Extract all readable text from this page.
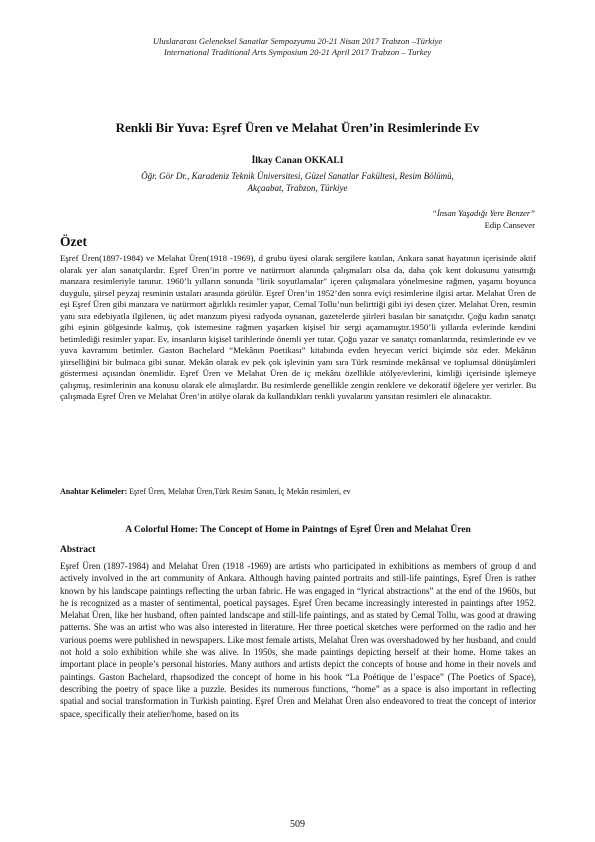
Uluslararası Geleneksel Sanatlar Sempozyumu 20-21 Nisan 2017 Trabzon –Türkiye
International Traditional Arts Symposium 20-21 April 2017 Trabzon – Turkey
Renkli Bir Yuva: Eşref Üren ve Melahat Üren’in Resimlerinde Ev
İlkay Canan OKKALI
Öğr. Gör Dr., Karadeniz Teknik Üniversitesi, Güzel Sanatlar Fakültesi, Resim Bölümü,
Akçaabat, Trabzon, Türkiye
“İnsan Yaşadığı Yere Benzer”
Edip Cansever
Özet

Eşref Üren(1897-1984) ve Melahat Üren(1918 -1969), d grubu üyesi olarak sergilere katılan, Ankara sanat hayatının içerisinde aktif olarak yer alan sanatçılardır. Eşref Üren’in portre ve natürmort alanında çalışmaları olsa da, daha çok kent dokusunu yansıttığı manzara resimleriyle tanınır. 1960’lı yılların sonunda "lirik soyutlamalar" içeren çalışmalara yönelmesine rağmen, yaşamı boyunca duygulu, şiirsel peyzaj resminin ustaları arasında görülür. Eşref Üren’in 1952’den sonra eviçi resimlerine ilgisi artar. Melahat Üren de eşi Eşref Üren gibi manzara ve natürmort ağırlıklı resimler yapar, Cemal Tollu’nun belirttiği gibi iyi desen çizer. Melahat Üren, resmin yanı sıra edebiyatla ilgilenen, üç adet manzum piyesi radyoda oynanan, gazetelerde şiirleri basılan bir sanatçıdır. Çoğu kadın sanatçı gibi eşinin gölgesinde kalmış, çok istemesine rağmen yaşarken kişisel bir sergi açamamıştır.1950’li yıllarda evlerinde kendini betimlediği resimler yapar. Ev, insanların kişisel tarihlerinde önemli yer tutar. Çoğu yazar ve sanatçı romanlarında, resimlerinde ev ve yuva kavramını betimler. Gaston Bachelard “Mekânın Poetikası” kitabında evden heyecan verici biçimde söz eder. Mekânın şiirselliğini bir bulmaca gibi sunar. Mekân olarak ev pek çok işlevinin yanı sıra Türk resminde mekânsal ve toplumsal dönüşümleri göstermesi açısından önemlidir. Eşref Üren ve Melahat Üren de iç mekânı özellikle atölye/evlerini, kimliği içerisinde işlemeye çalışmış, resimlerinin ana konusu olarak ele almışlardır. Bu resimlerde genellikle zengin renklere ve dekoratif öğelere yer verirler. Bu çalışmada Eşref Üren ve Melahat Üren’in atölye olarak da kullandıkları renkli yuvalarını yansıtan resimleri ele alınacaktır.

Anahtar Kelimeler: Eşref Üren, Melahat Üren,Türk Resim Sanatı, İç Mekân resimleri, ev
A Colorful Home: The Concept of Home in Paintngs of Eşref Üren and Melahat Üren
Abstract

Eşref Üren (1897-1984) and Melahat Üren (1918 -1969) are artists who participated in exhibitions as members of group d and actively involved in the art community of Ankara. Although having painted portraits and still-life paintings, Eşref Üren is rather known by his landscape paintings reflecting the urban fabric. He was engaged in “lyrical abstractions” at the end of the 1960s, but he is recognized as a master of sentimental, poetical paysages. Eşref Üren became increasingly interested in paintings after 1952. Melahat Üren, like her husband, often painted landscape and still-life paintings, and as stated by Cemal Tollu, was good at drawing patterns. She was an artist who was also interested in literature. Her three poetical sketches were performed on the radio and her various poems were published in newspapers. Like most female artists, Melahat Üren was overshadowed by her husband, and could not hold a solo exhibition while she was alive. In 1950s, she made paintings depicting herself at their home. Home takes an important place in people’s personal histories. Many authors and artists depict the concepts of house and home in their novels and paintings. Gaston Bachelard, rhapsodized the concept of home in his book “La Poétique de l’espace” (The Poetics of Space), describing the poetry of space like a puzzle. Besides its numerous functions, “home” as a space is also important in reflecting spatial and social transformation in Turkish painting. Eşref Üren and Melahat Üren also endeavored to treat the concept of interior space, specifically their atelier/home, based on its

509
